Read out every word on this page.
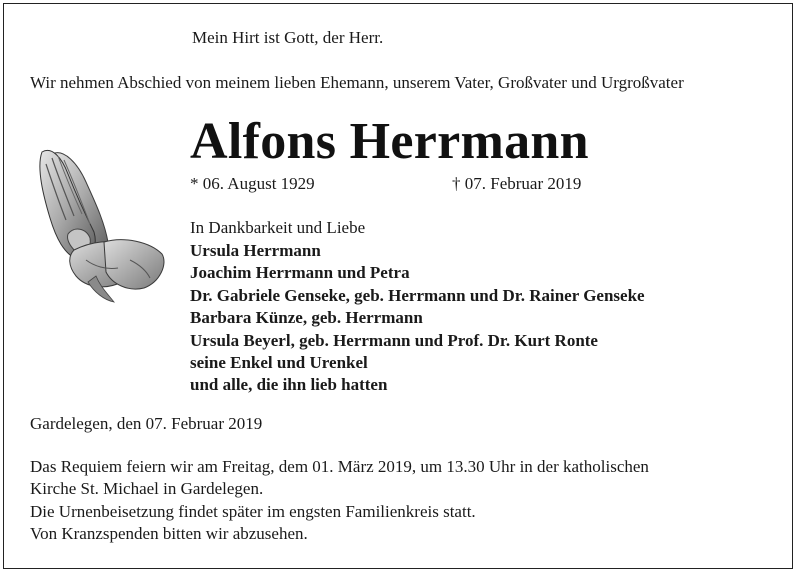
Mein Hirt ist Gott, der Herr.
Wir nehmen Abschied von meinem lieben Ehemann, unserem Vater, Großvater und Urgroßvater
Alfons Herrmann
* 06. August 1929	† 07. Februar 2019
In Dankbarkeit und Liebe
Ursula Herrmann
Joachim Herrmann und Petra
Dr. Gabriele Genseke, geb. Herrmann und Dr. Rainer Genseke
Barbara Künze, geb. Herrmann
Ursula Beyerl, geb. Herrmann und Prof. Dr. Kurt Ronte
seine Enkel und Urenkel
und alle, die ihn lieb hatten
Gardelegen, den 07. Februar 2019
Das Requiem feiern wir am Freitag, dem 01. März 2019, um 13.30 Uhr in der katholischen
Kirche St. Michael in Gardelegen.
Die Urnenbeisetzung findet später im engsten Familienkreis statt.
Von Kranzspenden bitten wir abzusehen.
